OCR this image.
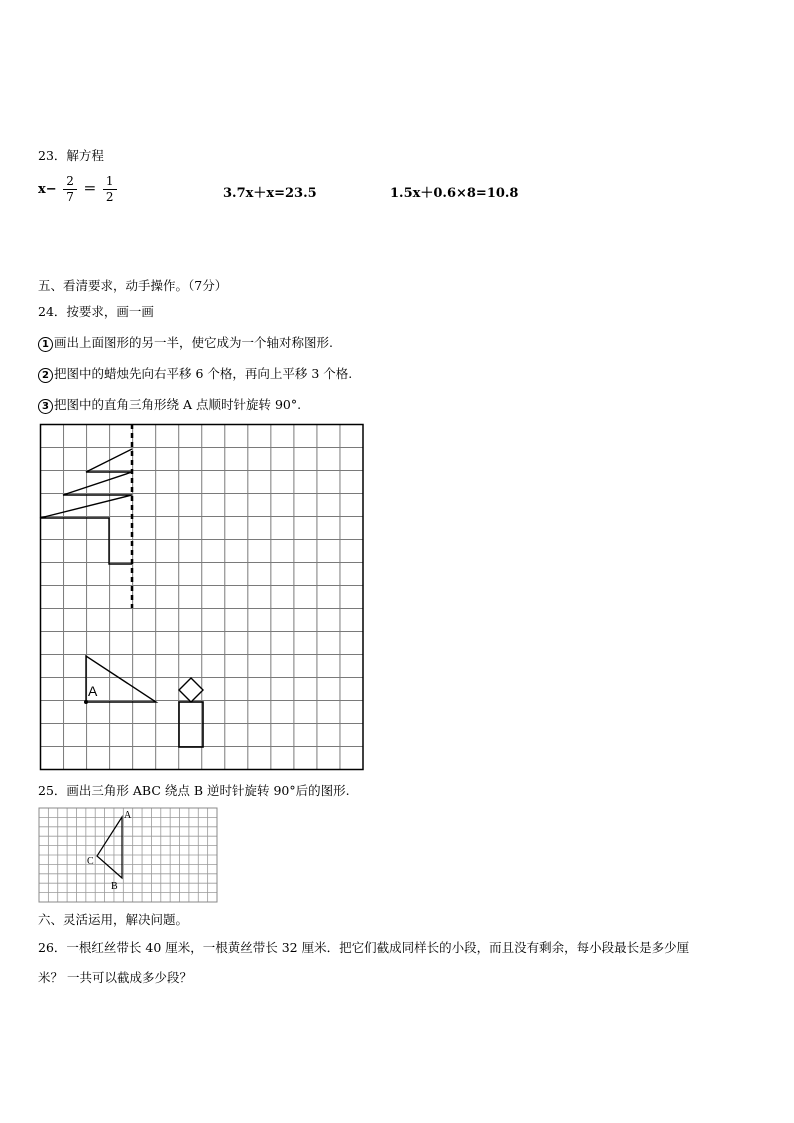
23．解方程
$x- \frac{2}{7} = \frac{1}{2}$	3.7x＋x=23.5	1.5x＋0.6×8=10.8
五、看清要求，动手操作。（7分）
24．按要求，画一画
1 画出上面图形的另一半，使它成为一个轴对称图形.
2 把图中的蜡烛先向右平移 6 个格，再向上平移 3 个格.
3 把图中的直角三角形绕 A 点顺时针旋转 90°.
A
25．画出三角形 ABC 绕点 B 逆时针旋转 90°后的图形.
A
C
B
六、灵活运用，解决问题。
26．一根红丝带长 40 厘米，一根黄丝带长 32 厘米．把它们截成同样长的小段，而且没有剩余，每小段最长是多少厘
米？ 一共可以截成多少段？
